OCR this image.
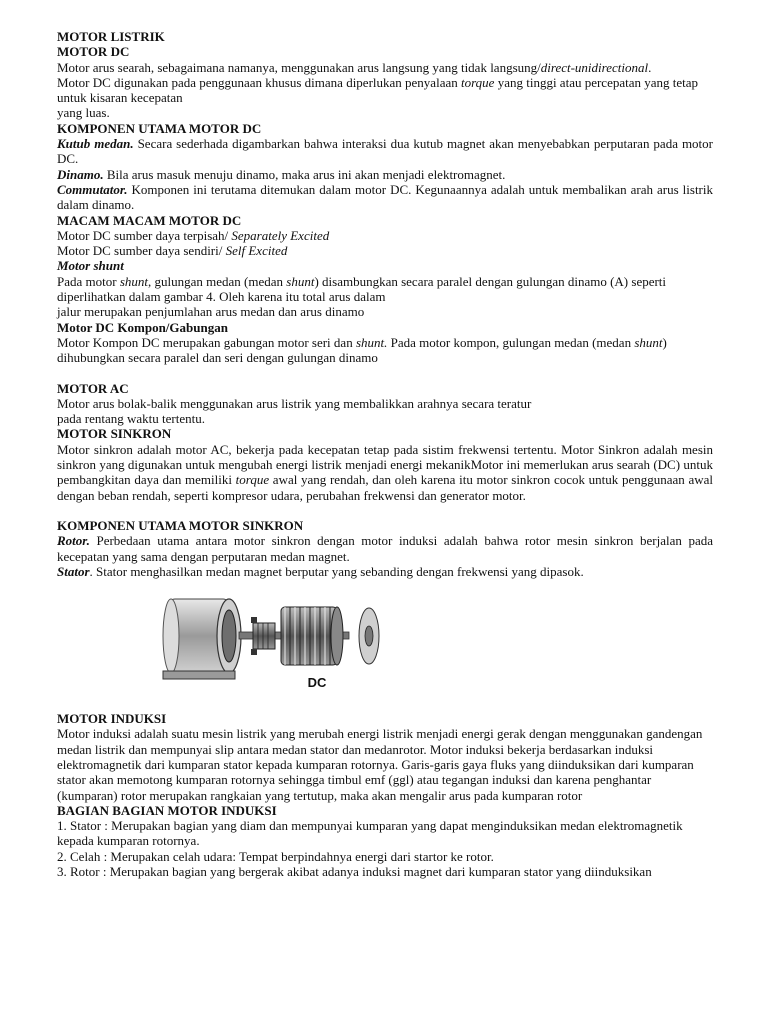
MOTOR LISTRIK
MOTOR DC
Motor arus searah, sebagaimana namanya, menggunakan arus langsung yang tidak langsung/direct-unidirectional.
Motor DC digunakan pada penggunaan khusus dimana diperlukan penyalaan torque yang tinggi atau percepatan yang tetap untuk kisaran kecepatan
yang luas.
KOMPONEN UTAMA MOTOR DC
Kutub medan. Secara sederhada digambarkan bahwa interaksi dua kutub magnet akan menyebabkan perputaran pada motor DC.
Dinamo. Bila arus masuk menuju dinamo, maka arus ini akan menjadi elektromagnet.
Commutator. Komponen ini terutama ditemukan dalam motor DC. Kegunaannya adalah untuk membalikan arah arus listrik dalam dinamo.
MACAM MACAM MOTOR DC
Motor DC sumber daya terpisah/ Separately Excited
Motor DC sumber daya sendiri/ Self Excited
Motor shunt
Pada motor shunt, gulungan medan (medan shunt) disambungkan secara paralel dengan gulungan dinamo (A) seperti diperlihatkan dalam gambar 4. Oleh karena itu total arus dalam
jalur merupakan penjumlahan arus medan dan arus dinamo
Motor DC Kompon/Gabungan
Motor Kompon DC merupakan gabungan motor seri dan shunt. Pada motor kompon, gulungan medan (medan shunt) dihubungkan secara paralel dan seri dengan gulungan dinamo
MOTOR AC
Motor arus bolak-balik menggunakan arus listrik yang membalikkan arahnya secara teratur
pada rentang waktu tertentu.
MOTOR SINKRON
Motor sinkron adalah motor AC, bekerja pada kecepatan tetap pada sistim frekwensi tertentu. Motor Sinkron adalah mesin sinkron yang digunakan untuk mengubah energi listrik menjadi energi mekanikMotor ini memerlukan arus searah (DC) untuk pembangkitan daya dan memiliki torque awal yang rendah, dan oleh karena itu motor sinkron cocok untuk penggunaan awal dengan beban rendah, seperti kompresor udara, perubahan frekwensi dan generator motor.
KOMPONEN UTAMA MOTOR SINKRON
Rotor. Perbedaan utama antara motor sinkron dengan motor induksi adalah bahwa rotor mesin sinkron berjalan pada kecepatan yang sama dengan perputaran medan magnet.
Stator. Stator menghasilkan medan magnet berputar yang sebanding dengan frekwensi yang dipasok.
DC
MOTOR INDUKSI
Motor induksi adalah suatu mesin listrik yang merubah energi listrik menjadi energi gerak dengan menggunakan gandengan medan listrik dan mempunyai slip antara medan stator dan medanrotor. Motor induksi bekerja berdasarkan induksi elektromagnetik dari kumparan stator kepada kumparan rotornya. Garis-garis gaya fluks yang diinduksikan dari kumparan stator akan memotong kumparan rotornya sehingga timbul emf (ggl) atau tegangan induksi dan karena penghantar (kumparan) rotor merupakan rangkaian yang tertutup, maka akan mengalir arus pada kumparan rotor
BAGIAN BAGIAN MOTOR INDUKSI
1. Stator : Merupakan bagian yang diam dan mempunyai kumparan yang dapat menginduksikan medan elektromagnetik kepada kumparan rotornya.
2. Celah : Merupakan celah udara: Tempat berpindahnya energi dari startor ke rotor.
3. Rotor : Merupakan bagian yang bergerak akibat adanya induksi magnet dari kumparan stator yang diinduksikan
